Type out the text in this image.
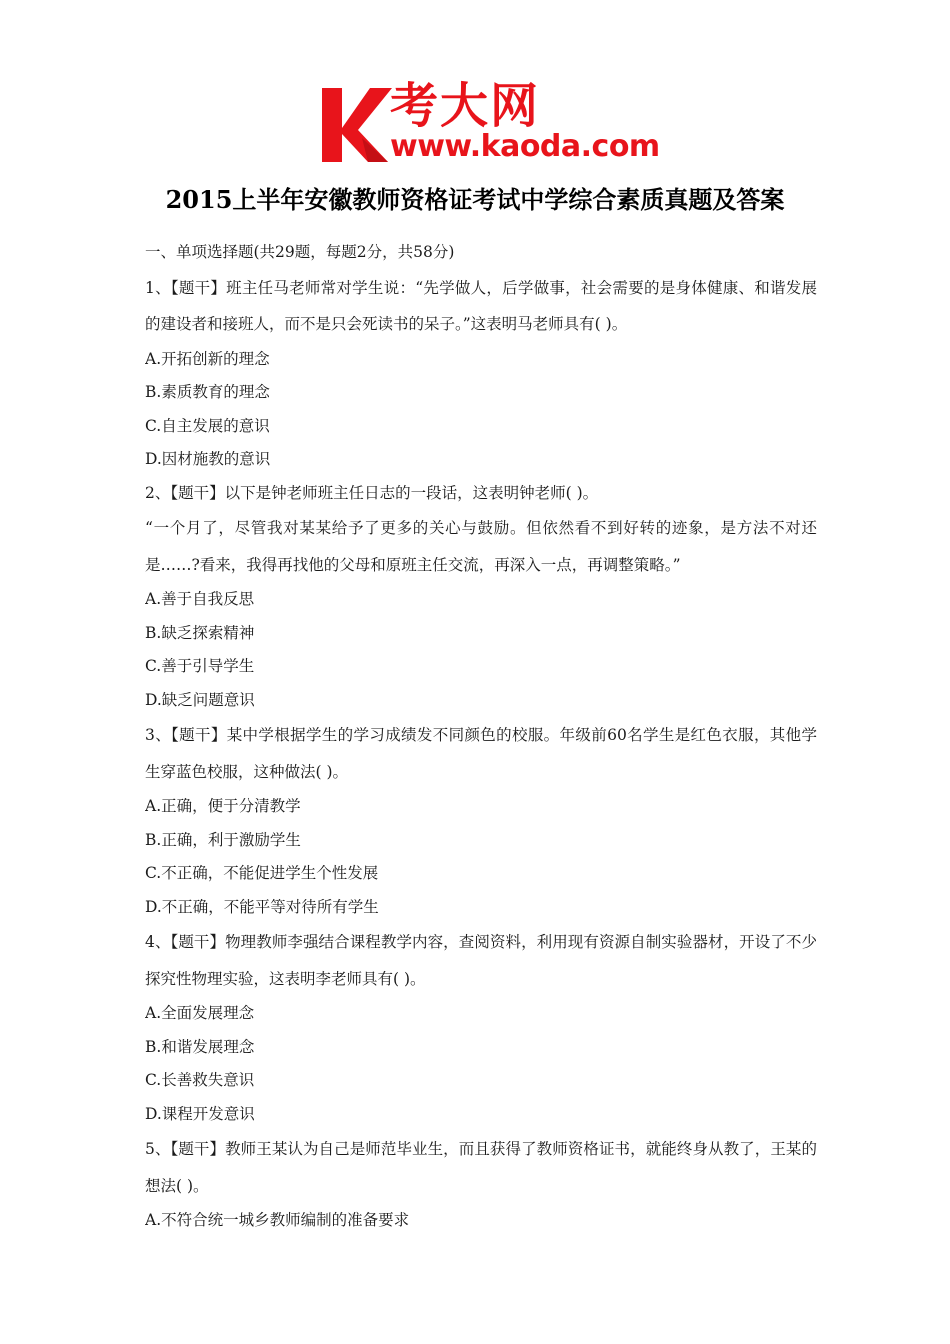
考大网
www.kaoda.com
2015上半年安徽教师资格证考试中学综合素质真题及答案
一、单项选择题(共29题，每题2分，共58分)
1、【题干】班主任马老师常对学生说：“先学做人，后学做事，社会需要的是身体健康、和谐发展的建设者和接班人，而不是只会死读书的呆子。”这表明马老师具有( )。
A.开拓创新的理念
B.素质教育的理念
C.自主发展的意识
D.因材施教的意识
2、【题干】以下是钟老师班主任日志的一段话，这表明钟老师( )。
“一个月了，尽管我对某某给予了更多的关心与鼓励。但依然看不到好转的迹象，是方法不对还是……?看来，我得再找他的父母和原班主任交流，再深入一点，再调整策略。”
A.善于自我反思
B.缺乏探索精神
C.善于引导学生
D.缺乏问题意识
3、【题干】某中学根据学生的学习成绩发不同颜色的校服。年级前60名学生是红色衣服，其他学生穿蓝色校服，这种做法( )。
A.正确，便于分清教学
B.正确，利于激励学生
C.不正确，不能促进学生个性发展
D.不正确，不能平等对待所有学生
4、【题干】物理教师李强结合课程教学内容，查阅资料，利用现有资源自制实验器材，开设了不少探究性物理实验，这表明李老师具有( )。
A.全面发展理念
B.和谐发展理念
C.长善救失意识
D.课程开发意识
5、【题干】教师王某认为自己是师范毕业生，而且获得了教师资格证书，就能终身从教了，王某的想法( )。
A.不符合统一城乡教师编制的准备要求
